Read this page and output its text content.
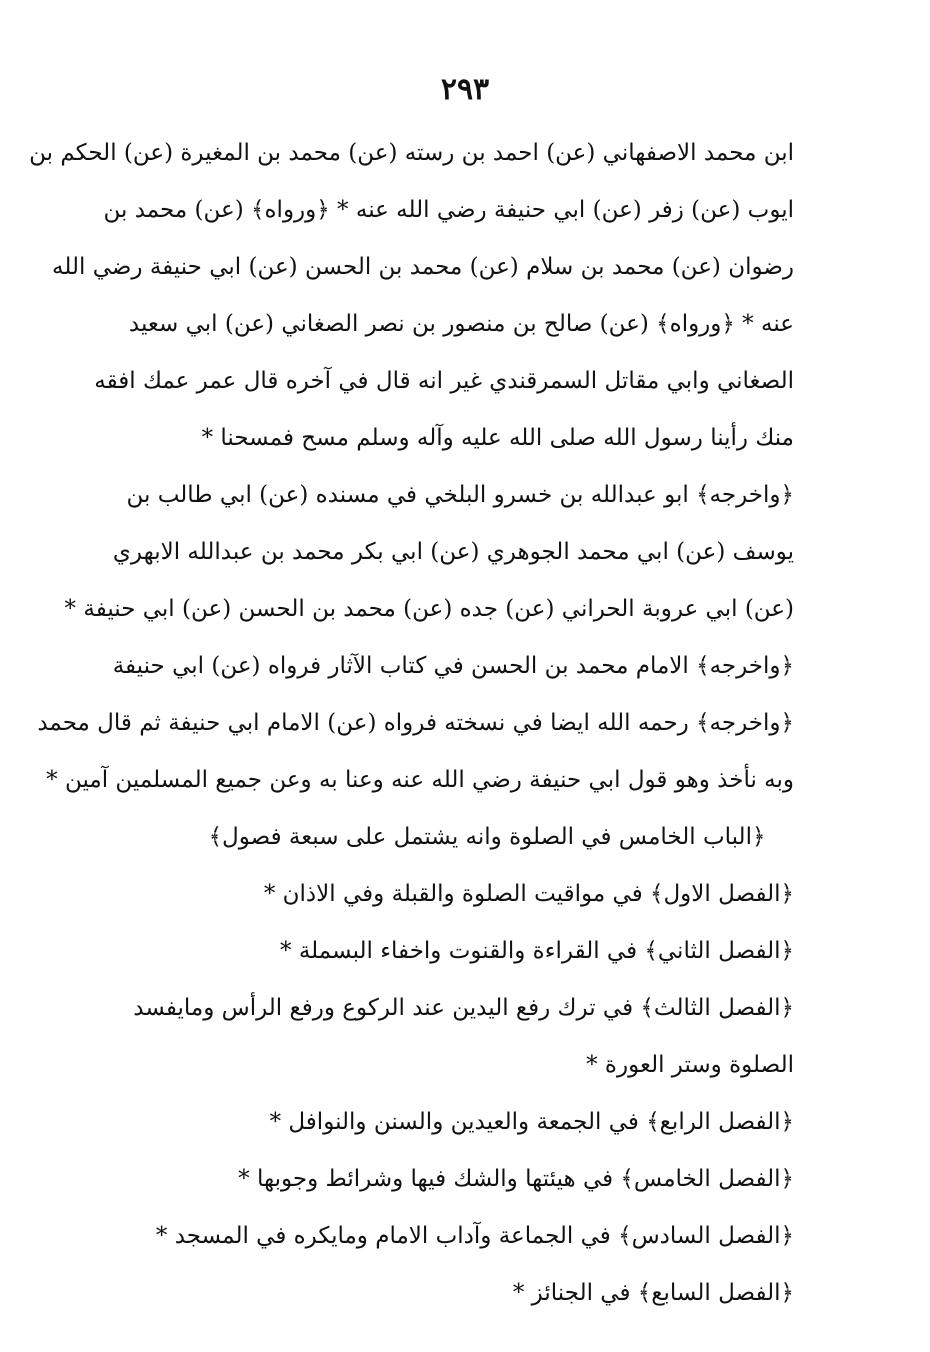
٢٩٣
ابن محمد الاصفهاني (عن) احمد بن رسته (عن) محمد بن المغيرة (عن) الحكم بن
ايوب (عن) زفر (عن) ابي حنيفة رضي الله عنه * ﴿ورواه﴾ (عن) محمد بن
رضوان (عن) محمد بن سلام (عن) محمد بن الحسن (عن) ابي حنيفة رضي الله
عنه * ﴿ورواه﴾ (عن) صالح بن منصور بن نصر الصغاني (عن) ابي سعيد
الصغاني وابي مقاتل السمرقندي غير انه قال في آخره قال عمر عمك افقه
منك رأينا رسول الله صلى الله عليه وآله وسلم مسح فمسحنا *
﴿واخرجه﴾ ابو عبدالله بن خسرو البلخي في مسنده (عن) ابي طالب بن
يوسف (عن) ابي محمد الجوهري (عن) ابي بكر محمد بن عبدالله الابهري
(عن) ابي عروبة الحراني (عن) جده (عن) محمد بن الحسن (عن) ابي حنيفة *
﴿واخرجه﴾ الامام محمد بن الحسن في كتاب الآثار فرواه (عن) ابي حنيفة
﴿واخرجه﴾ رحمه الله ايضا في نسخته فرواه (عن) الامام ابي حنيفة ثم قال محمد
وبه نأخذ وهو قول ابي حنيفة رضي الله عنه وعنا به وعن جميع المسلمين آمين *
﴿الباب الخامس في الصلوة وانه يشتمل على سبعة فصول﴾
﴿الفصل الاول﴾ في مواقيت الصلوة والقبلة وفي الاذان *
﴿الفصل الثاني﴾ في القراءة والقنوت واخفاء البسملة *
﴿الفصل الثالث﴾ في ترك رفع اليدين عند الركوع ورفع الرأس ومايفسد
الصلوة وستر العورة *
﴿الفصل الرابع﴾ في الجمعة والعيدين والسنن والنوافل *
﴿الفصل الخامس﴾ في هيئتها والشك فيها وشرائط وجوبها *
﴿الفصل السادس﴾ في الجماعة وآداب الامام ومايكره في المسجد *
﴿الفصل السابع﴾ في الجنائز *
